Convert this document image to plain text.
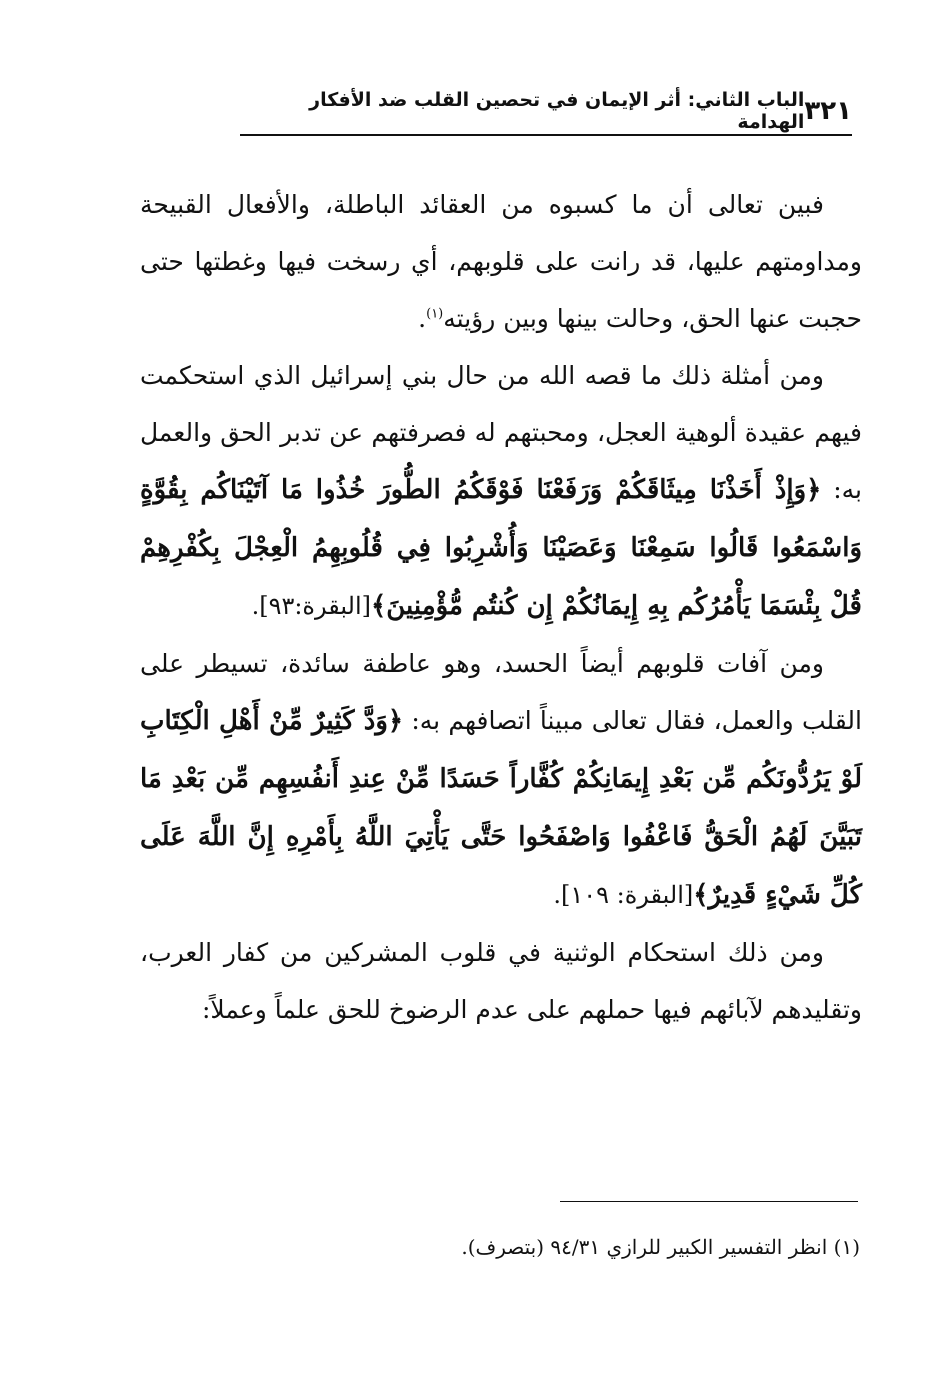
٣٢١
الباب الثاني: أثر الإيمان في تحصين القلب ضد الأفكار الهدامة

فبين تعالى أن ما كسبوه من العقائد الباطلة، والأفعال القبيحة ومداومتهم عليها، قد رانت على قلوبهم، أي رسخت فيها وغطتها حتى حجبت عنها الحق، وحالت بينها وبين رؤيته$^{(١)}$.

ومن أمثلة ذلك ما قصه الله من حال بني إسرائيل الذي استحكمت فيهم عقيدة ألوهية العجل، ومحبتهم له فصرفتهم عن تدبر الحق والعمل به: ﴿وَإِذْ أَخَذْنَا مِيثَاقَكُمْ وَرَفَعْنَا فَوْقَكُمُ الطُّورَ خُذُوا مَا آتَيْنَاكُم بِقُوَّةٍ وَاسْمَعُوا قَالُوا سَمِعْنَا وَعَصَيْنَا وَأُشْرِبُوا فِي قُلُوبِهِمُ الْعِجْلَ بِكُفْرِهِمْ قُلْ بِئْسَمَا يَأْمُرُكُم بِهِ إِيمَانُكُمْ إِن كُنتُم مُّؤْمِنِينَ﴾[البقرة:٩٣].

ومن آفات قلوبهم أيضاً الحسد، وهو عاطفة سائدة، تسيطر على القلب والعمل، فقال تعالى مبيناً اتصافهم به: ﴿وَدَّ كَثِيرٌ مِّنْ أَهْلِ الْكِتَابِ لَوْ يَرُدُّونَكُم مِّن بَعْدِ إِيمَانِكُمْ كُفَّاراً حَسَدًا مِّنْ عِندِ أَنفُسِهِم مِّن بَعْدِ مَا تَبَيَّنَ لَهُمُ الْحَقُّ فَاعْفُوا وَاصْفَحُوا حَتَّى يَأْتِيَ اللَّهُ بِأَمْرِهِ إِنَّ اللَّهَ عَلَى كُلِّ شَيْءٍ قَدِيرٌ﴾[البقرة: ١٠٩].

ومن ذلك استحكام الوثنية في قلوب المشركين من كفار العرب، وتقليدهم لآبائهم فيها حملهم على عدم الرضوخ للحق علماً وعملاً:

(١) انظر التفسير الكبير للرازي ٩٤/٣١ (بتصرف).
